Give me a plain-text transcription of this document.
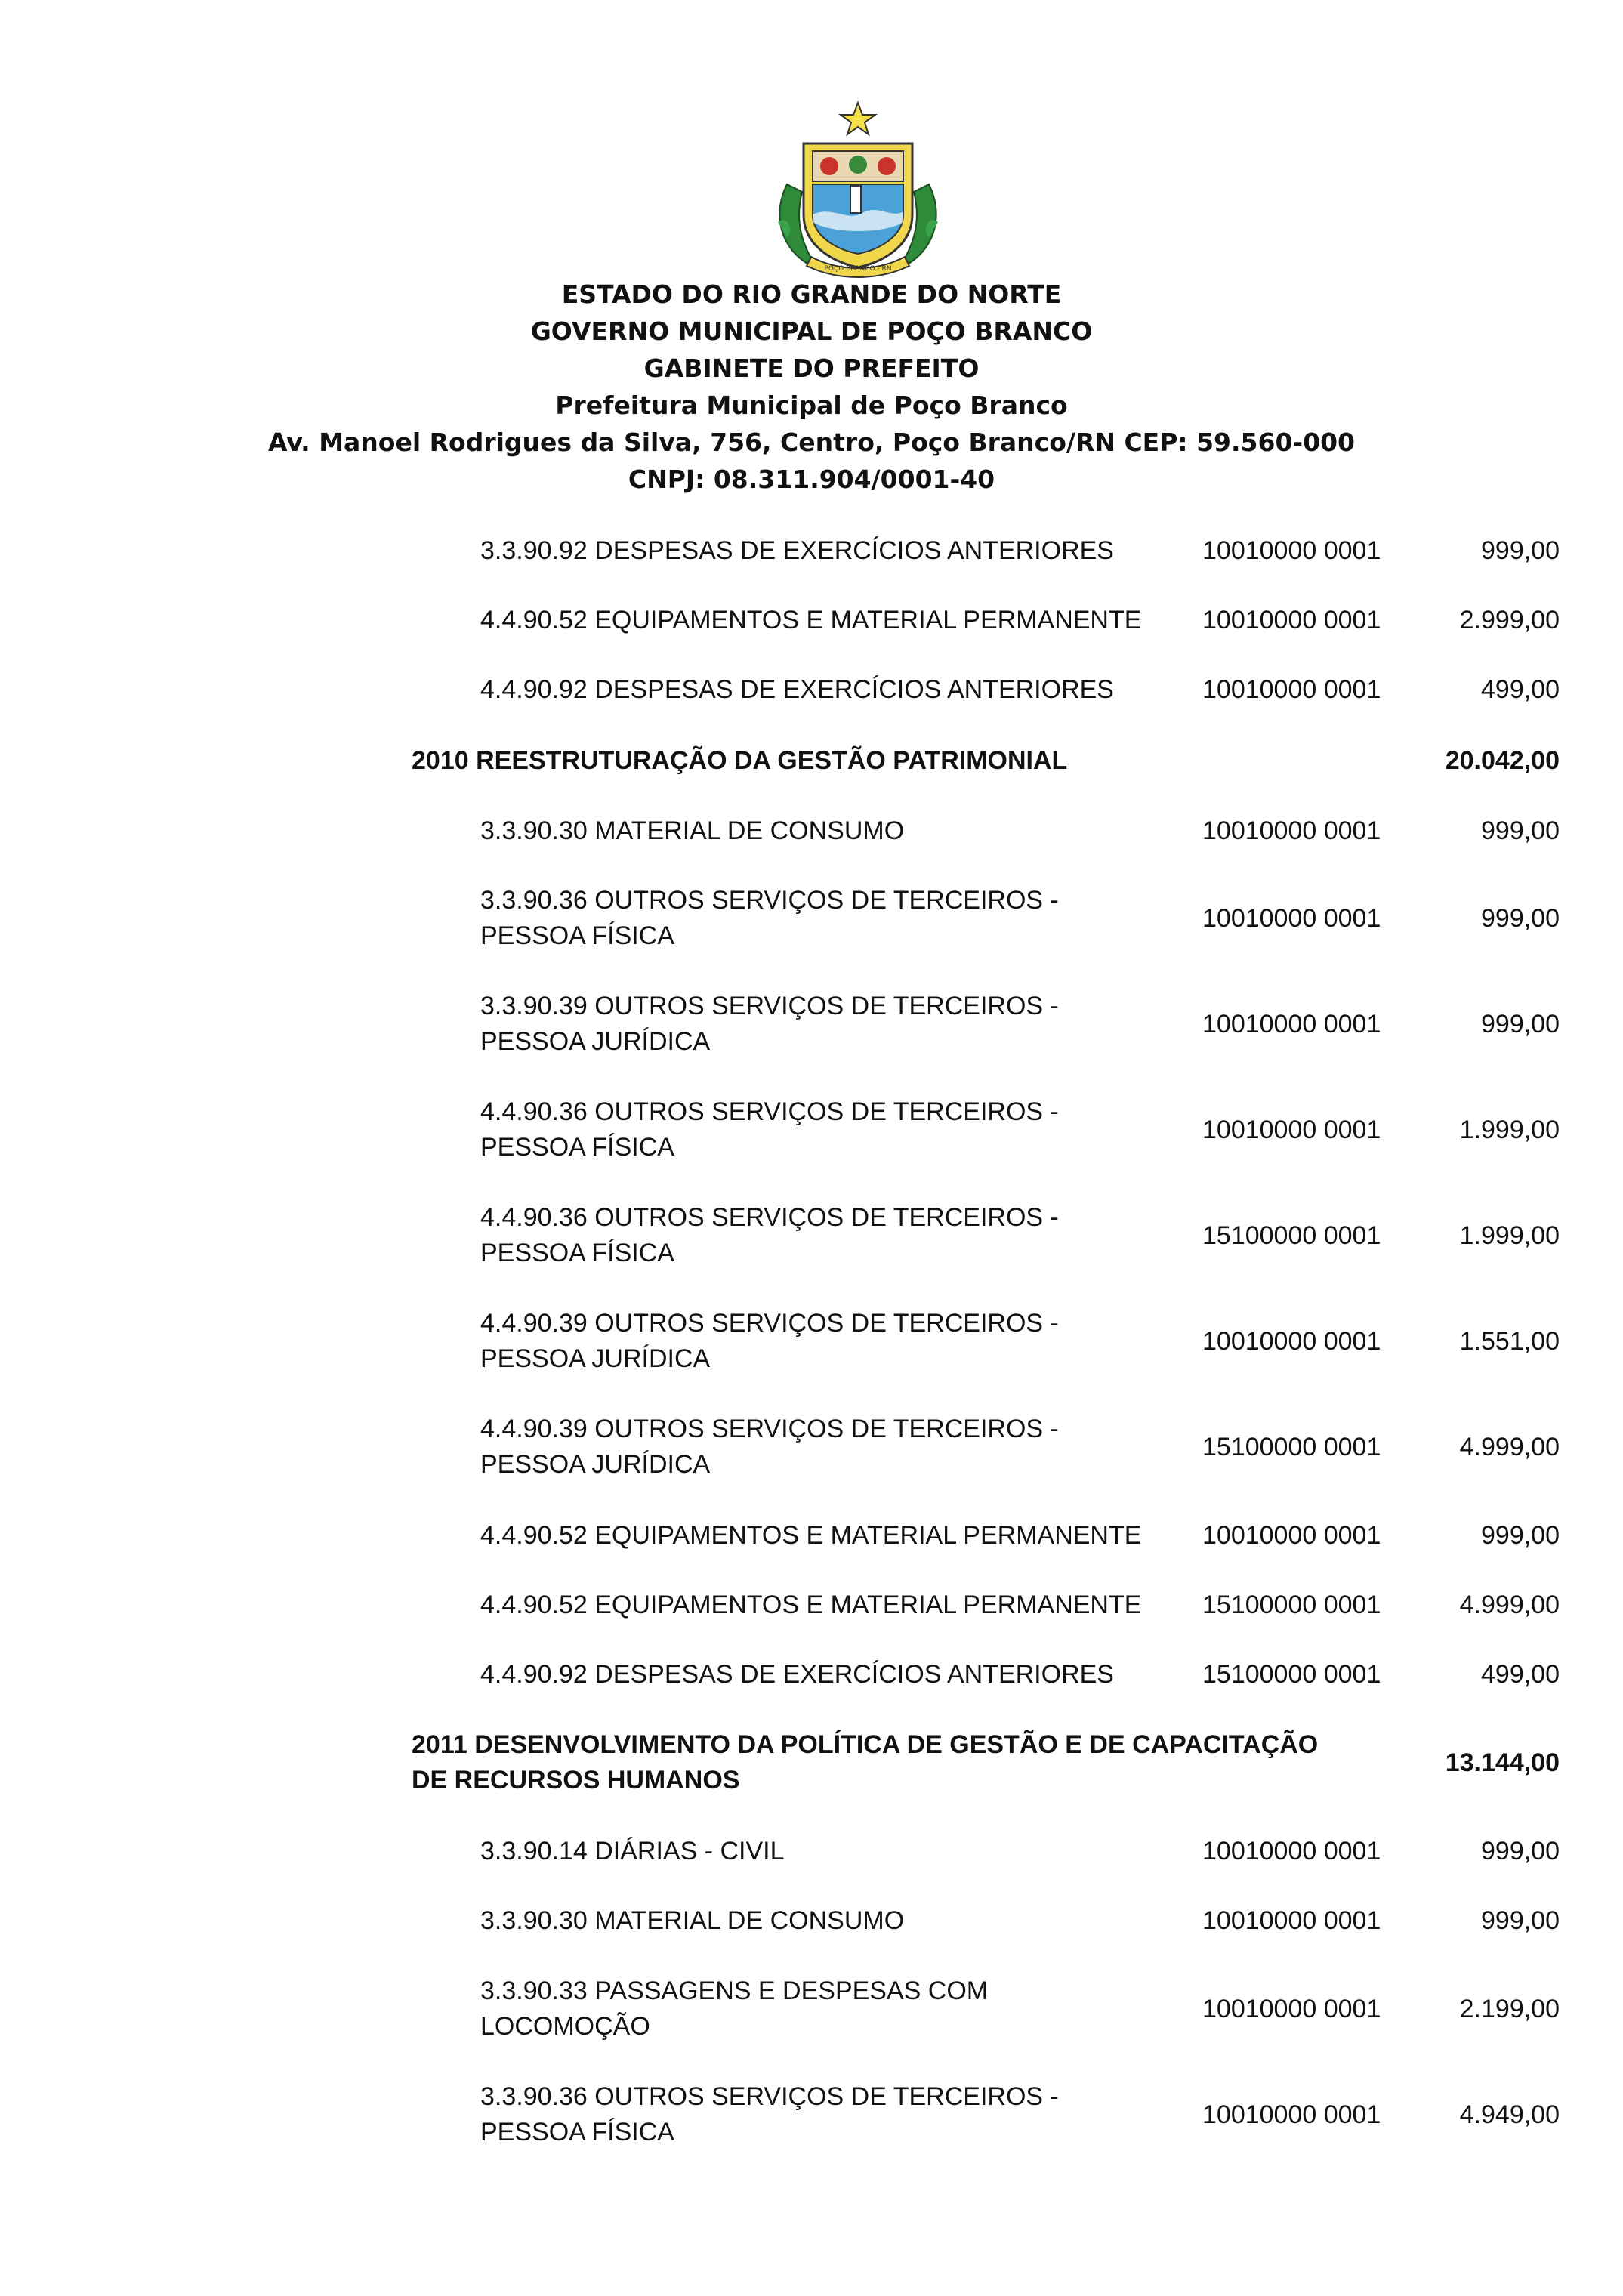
POÇO BRANCO - RN
ESTADO DO RIO GRANDE DO NORTE
GOVERNO MUNICIPAL DE POÇO BRANCO
GABINETE DO PREFEITO
Prefeitura Municipal de Poço Branco
Av. Manoel Rodrigues da Silva, 756, Centro, Poço Branco/RN CEP: 59.560-000
CNPJ: 08.311.904/0001-40
3.3.90.92 DESPESAS DE EXERCÍCIOS ANTERIORES	10010000 0001	999,00
4.4.90.52 EQUIPAMENTOS E MATERIAL PERMANENTE	10010000 0001	2.999,00
4.4.90.92 DESPESAS DE EXERCÍCIOS ANTERIORES	10010000 0001	499,00
2010 REESTRUTURAÇÃO DA GESTÃO PATRIMONIAL	20.042,00
3.3.90.30 MATERIAL DE CONSUMO	10010000 0001	999,00
3.3.90.36 OUTROS SERVIÇOS DE TERCEIROS -
PESSOA FÍSICA
10010000 0001	999,00
3.3.90.39 OUTROS SERVIÇOS DE TERCEIROS -
PESSOA JURÍDICA
10010000 0001	999,00
4.4.90.36 OUTROS SERVIÇOS DE TERCEIROS -
PESSOA FÍSICA
10010000 0001	1.999,00
4.4.90.36 OUTROS SERVIÇOS DE TERCEIROS -
PESSOA FÍSICA
15100000 0001	1.999,00
4.4.90.39 OUTROS SERVIÇOS DE TERCEIROS -
PESSOA JURÍDICA
10010000 0001	1.551,00
4.4.90.39 OUTROS SERVIÇOS DE TERCEIROS -
PESSOA JURÍDICA
15100000 0001	4.999,00
4.4.90.52 EQUIPAMENTOS E MATERIAL PERMANENTE	10010000 0001	999,00
4.4.90.52 EQUIPAMENTOS E MATERIAL PERMANENTE	15100000 0001	4.999,00
4.4.90.92 DESPESAS DE EXERCÍCIOS ANTERIORES	15100000 0001	499,00
2011 DESENVOLVIMENTO DA POLÍTICA DE GESTÃO E DE CAPACITAÇÃO
DE RECURSOS HUMANOS
13.144,00
3.3.90.14 DIÁRIAS - CIVIL	10010000 0001	999,00
3.3.90.30 MATERIAL DE CONSUMO	10010000 0001	999,00
3.3.90.33 PASSAGENS E DESPESAS COM
LOCOMOÇÃO
10010000 0001	2.199,00
3.3.90.36 OUTROS SERVIÇOS DE TERCEIROS -
PESSOA FÍSICA
10010000 0001	4.949,00
